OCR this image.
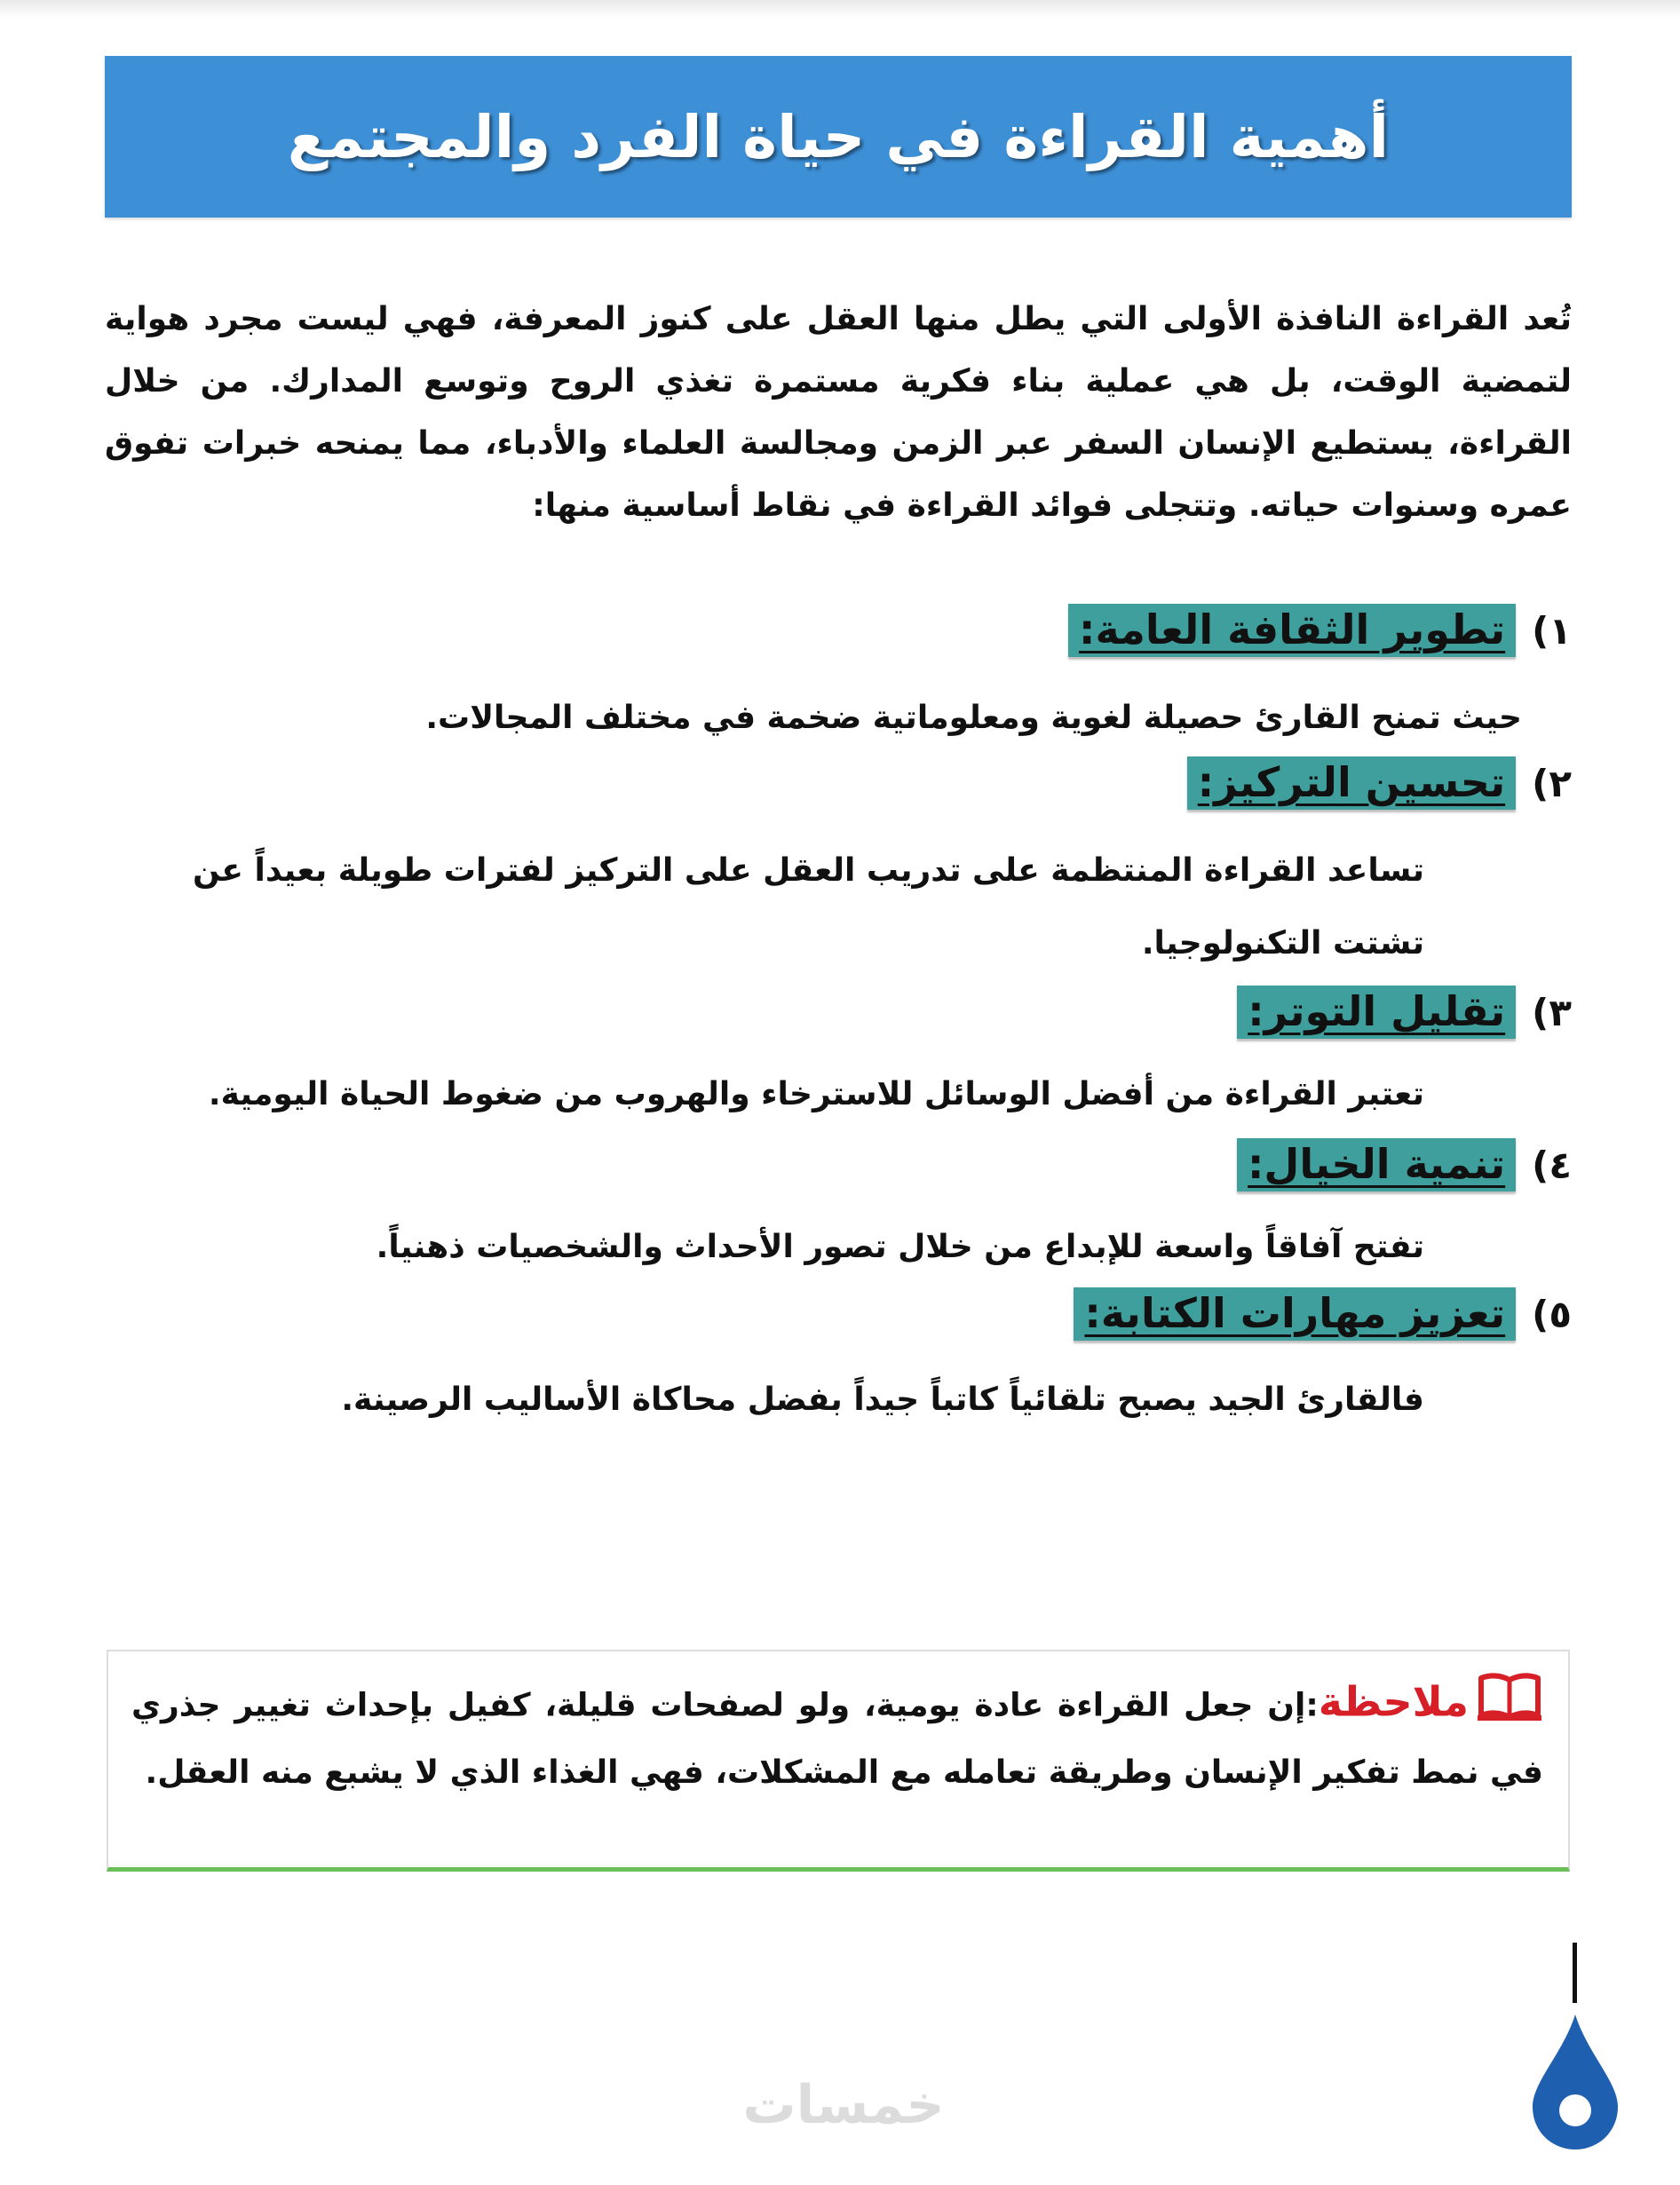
أهمية القراءة في حياة الفرد والمجتمع

تُعد القراءة النافذة الأولى التي يطل منها العقل على كنوز المعرفة، فهي ليست مجرد هواية لتمضية الوقت، بل هي عملية بناء فكرية مستمرة تغذي الروح وتوسع المدارك. من خلال القراءة، يستطيع الإنسان السفر عبر الزمن ومجالسة العلماء والأدباء، مما يمنحه خبرات تفوق عمره وسنوات حياته. وتتجلى فوائد القراءة في نقاط أساسية منها:

١)
تطوير الثقافة العامة:

حيث تمنح القارئ حصيلة لغوية ومعلوماتية ضخمة في مختلف المجالات.

٢)
تحسين التركيز:

تساعد القراءة المنتظمة على تدريب العقل على التركيز لفترات طويلة بعيداً عن تشتت التكنولوجيا.

٣)
تقليل التوتر:

تعتبر القراءة من أفضل الوسائل للاسترخاء والهروب من ضغوط الحياة اليومية.

٤)
تنمية الخيال:

تفتح آفاقاً واسعة للإبداع من خلال تصور الأحداث والشخصيات ذهنياً.

٥)
تعزيز مهارات الكتابة:

فالقارئ الجيد يصبح تلقائياً كاتباً جيداً بفضل محاكاة الأساليب الرصينة.

ملاحظة:إن جعل القراءة عادة يومية، ولو لصفحات قليلة، كفيل بإحداث تغيير جذري في نمط تفكير الإنسان وطريقة تعامله مع المشكلات، فهي الغذاء الذي لا يشبع منه العقل.

خمسات
